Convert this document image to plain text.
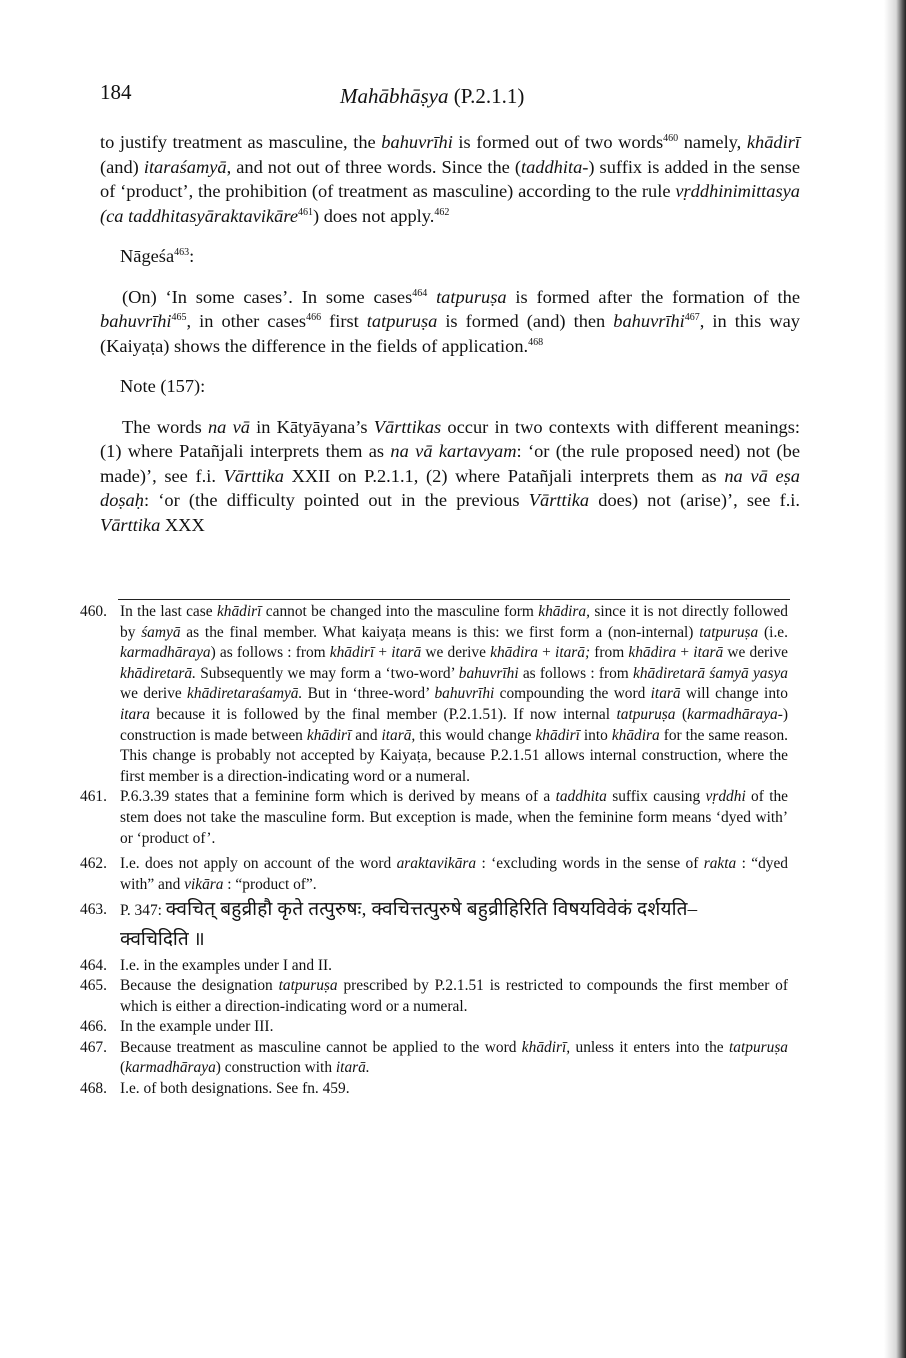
184	Mahābhāṣya (P.2.1.1)

to justify treatment as masculine, the bahuvrīhi is formed out of two words$^{460}$ namely, khādirī (and) itaraśamyā, and not out of three words. Since the (taddhita-) suffix is added in the sense of ‘product’, the prohibition (of treatment as masculine) according to the rule vṛddhinimittasya (ca taddhitasyāraktavikāre$^{461}$) does not apply.$^{462}$

Nāgeśa$^{463}$:

(On) ‘In some cases’. In some cases$^{464}$ tatpuruṣa is formed after the formation of the bahuvrīhi$^{465}$, in other cases$^{466}$ first tatpuruṣa is formed (and) then bahuvrīhi$^{467}$, in this way (Kaiyaṭa) shows the difference in the fields of application.$^{468}$

Note (157):

The words na vā in Kātyāyana’s Vārttikas occur in two contexts with different meanings: (1) where Patañjali interprets them as na vā kartavyam: ‘or (the rule proposed need) not (be made)’, see f.i. Vārttika XXII on P.2.1.1, (2) where Patañjali interprets them as na vā eṣa doṣaḥ: ‘or (the difficulty pointed out in the previous Vārttika does) not (arise)’, see f.i. Vārttika XXX

460. In the last case khādirī cannot be changed into the masculine form khādira, since it is not directly followed by śamyā as the final member. What kaiyaṭa means is this: we first form a (non-internal) tatpuruṣa (i.e. karmadhāraya) as follows : from khādirī + itarā we derive khādira + itarā; from khādira + itarā we derive khādiretarā. Subsequently we may form a ‘two-word’ bahuvrīhi as follows : from khādiretarā śamyā yasya we derive khādiretaraśamyā. But in ‘three-word’ bahuvrīhi compounding the word itarā will change into itara because it is followed by the final member (P.2.1.51). If now internal tatpuruṣa (karmadhāraya-) construction is made between khādirī and itarā, this would change khādirī into khādira for the same reason. This change is probably not accepted by Kaiyaṭa, because P.2.1.51 allows internal construction, where the first member is a direction-indicating word or a numeral.
461. P.6.3.39 states that a feminine form which is derived by means of a taddhita suffix causing vṛddhi of the stem does not take the masculine form. But exception is made, when the feminine form means ‘dyed with’ or ‘product of’.
462. I.e. does not apply on account of the word araktavikāra : ‘excluding words in the sense of rakta : “dyed with” and vikāra : “product of”.
463. P. 347: क्वचित् बहुव्रीहौ कृते तत्पुरुषः, क्वचित्तत्पुरुषे बहुव्रीहिरिति विषयविवेकं दर्शयति–
क्वचिदिति ॥
464. I.e. in the examples under I and II.
465. Because the designation tatpuruṣa prescribed by P.2.1.51 is restricted to compounds the first member of which is either a direction-indicating word or a numeral.
466. In the example under III.
467. Because treatment as masculine cannot be applied to the word khādirī, unless it enters into the tatpuruṣa (karmadhāraya) construction with itarā.
468. I.e. of both designations. See fn. 459.
